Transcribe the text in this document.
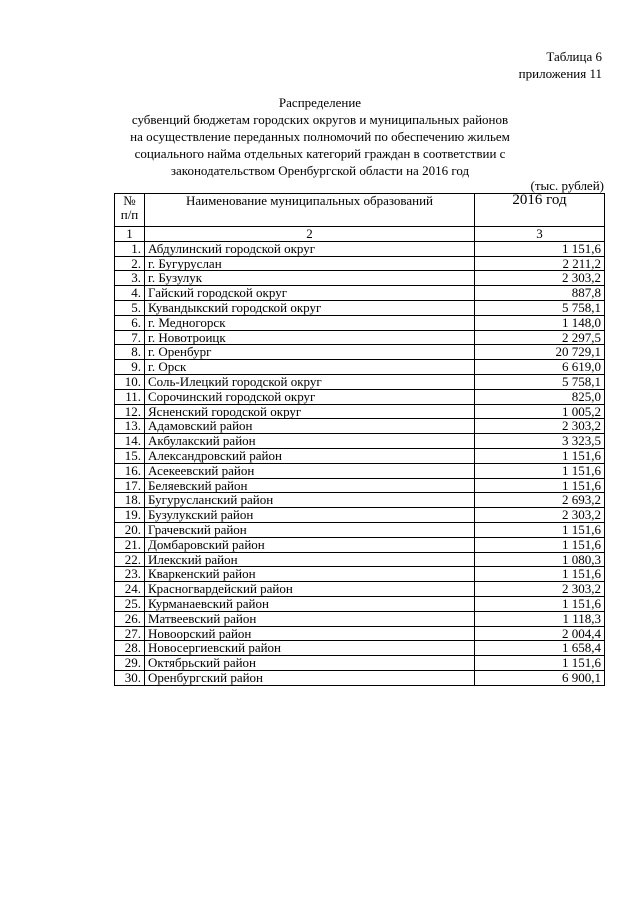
Таблица 6
приложения 11
Распределение
субвенций бюджетам городских округов и муниципальных районов
на осуществление переданных полномочий по обеспечению жильем
социального найма отдельных категорий граждан в соответствии с
законодательством Оренбургской области на 2016 год
(тыс. рублей)
№
п/п	Наименование муниципальных образований	2016 год
1	2	3
1.	Абдулинский городской округ	1 151,6
2.	г. Бугуруслан	2 211,2
3.	г. Бузулук	2 303,2
4.	Гайский городской округ	887,8
5.	Кувандыкский городской округ	5 758,1
6.	г. Медногорск	1 148,0
7.	г. Новотроицк	2 297,5
8.	г. Оренбург	20 729,1
9.	г. Орск	6 619,0
10.	Соль-Илецкий городской округ	5 758,1
11.	Сорочинский городской округ	825,0
12.	Ясненский городской округ	1 005,2
13.	Адамовский район	2 303,2
14.	Акбулакский район	3 323,5
15.	Александровский район	1 151,6
16.	Асекеевский район	1 151,6
17.	Беляевский район	1 151,6
18.	Бугурусланский район	2 693,2
19.	Бузулукский район	2 303,2
20.	Грачевский район	1 151,6
21.	Домбаровский район	1 151,6
22.	Илекский район	1 080,3
23.	Кваркенский район	1 151,6
24.	Красногвардейский район	2 303,2
25.	Курманаевский район	1 151,6
26.	Матвеевский район	1 118,3
27.	Новоорский район	2 004,4
28.	Новосергиевский район	1 658,4
29.	Октябрьский район	1 151,6
30.	Оренбургский район	6 900,1
